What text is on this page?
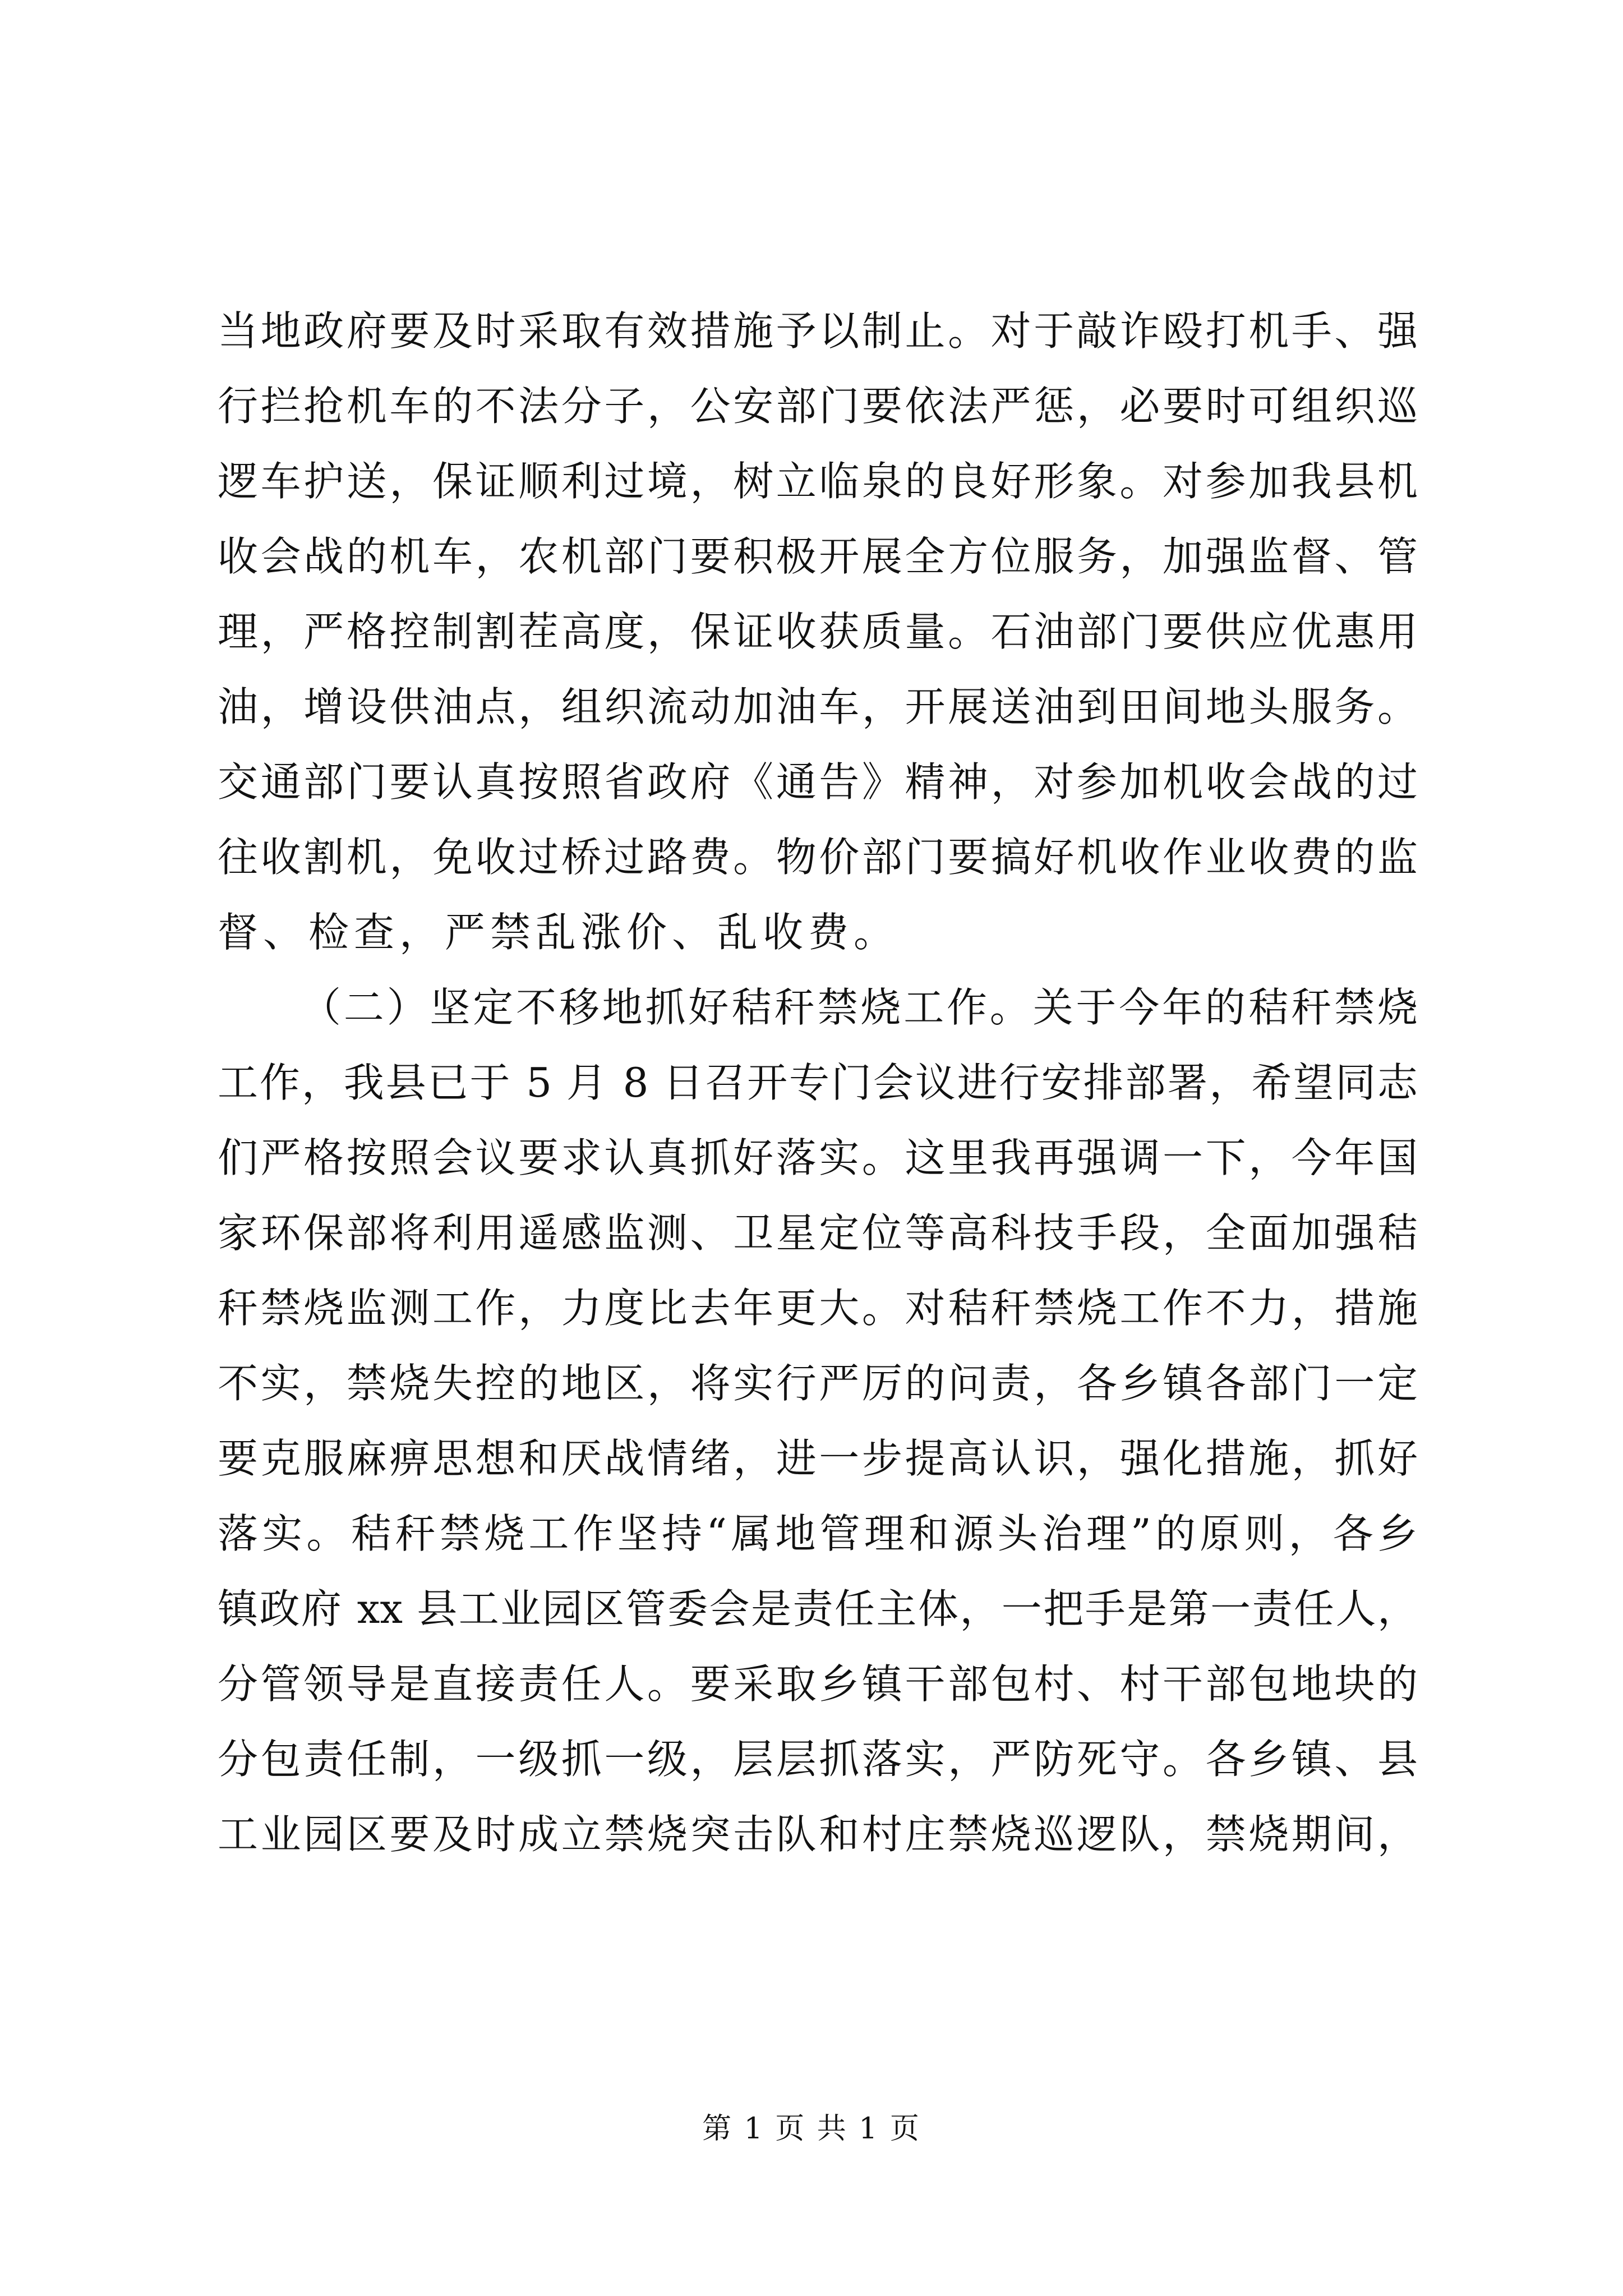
当地政府要及时采取有效措施予以制止。对于敲诈殴打机手、强
行拦抢机车的不法分子，公安部门要依法严惩，必要时可组织巡
逻车护送，保证顺利过境，树立临泉的良好形象。对参加我县机
收会战的机车，农机部门要积极开展全方位服务，加强监督、管
理，严格控制割茬高度，保证收获质量。石油部门要供应优惠用
油，增设供油点，组织流动加油车，开展送油到田间地头服务。
交通部门要认真按照省政府《通告》精神，对参加机收会战的过
往收割机，免收过桥过路费。物价部门要搞好机收作业收费的监
督、检查，严禁乱涨价、乱收费。
（二）坚定不移地抓好秸秆禁烧工作。关于今年的秸秆禁烧
工作，我县已于 5 月 8 日召开专门会议进行安排部署，希望同志
们严格按照会议要求认真抓好落实。这里我再强调一下，今年国
家环保部将利用遥感监测、卫星定位等高科技手段，全面加强秸
秆禁烧监测工作，力度比去年更大。对秸秆禁烧工作不力，措施
不实，禁烧失控的地区，将实行严厉的问责，各乡镇各部门一定
要克服麻痹思想和厌战情绪，进一步提高认识，强化措施，抓好
落实。秸秆禁烧工作坚持“属地管理和源头治理”的原则，各乡
镇政府 xx 县工业园区管委会是责任主体，一把手是第一责任人，
分管领导是直接责任人。要采取乡镇干部包村、村干部包地块的
分包责任制，一级抓一级，层层抓落实，严防死守。各乡镇、县
工业园区要及时成立禁烧突击队和村庄禁烧巡逻队，禁烧期间，
第 1 页 共 1 页
